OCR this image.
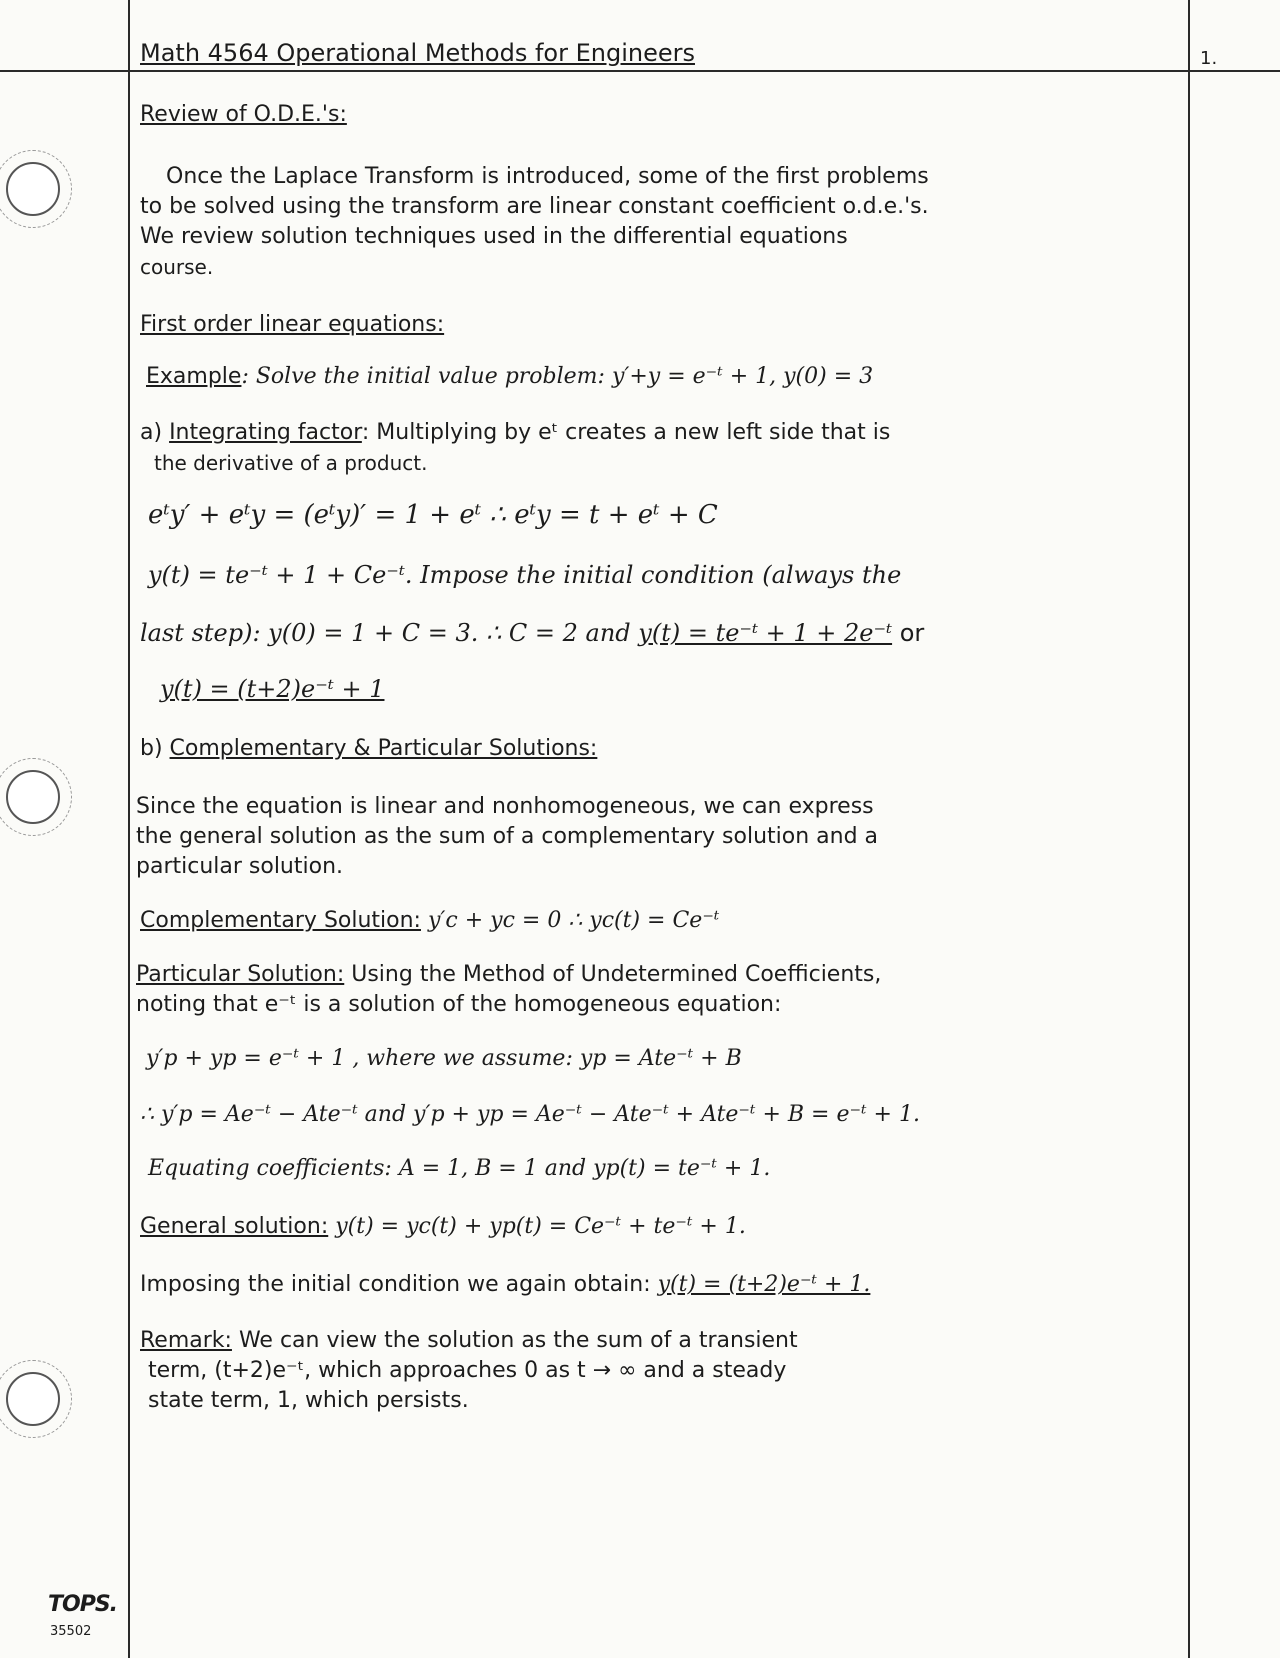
Math 4564 Operational Methods for Engineers	1.
Review of O.D.E.'s:
Once the Laplace Transform is introduced, some of the first problems
to be solved using the transform are linear constant coefficient o.d.e.'s.
We review solution techniques used in the differential equations
course.
First order linear equations:
Example: Solve the initial value problem: y′+y = e⁻ᵗ + 1, y(0) = 3
a) Integrating factor: Multiplying by eᵗ creates a new left side that is
the derivative of a product.
eᵗy′ + eᵗy = (eᵗy)′ = 1 + eᵗ ∴ eᵗy = t + eᵗ + C
y(t) = te⁻ᵗ + 1 + Ce⁻ᵗ. Impose the initial condition (always the
last step): y(0) = 1 + C = 3. ∴ C = 2 and y(t) = te⁻ᵗ + 1 + 2e⁻ᵗ or
y(t) = (t+2)e⁻ᵗ + 1
b) Complementary & Particular Solutions:
Since the equation is linear and nonhomogeneous, we can express
the general solution as the sum of a complementary solution and a
particular solution.
Complementary Solution: y′c + yc = 0 ∴ yc(t) = Ce⁻ᵗ
Particular Solution: Using the Method of Undetermined Coefficients,
noting that e⁻ᵗ is a solution of the homogeneous equation:
y′p + yp = e⁻ᵗ + 1 , where we assume: yp = Ate⁻ᵗ + B
∴ y′p = Ae⁻ᵗ − Ate⁻ᵗ and y′p + yp = Ae⁻ᵗ − Ate⁻ᵗ + Ate⁻ᵗ + B = e⁻ᵗ + 1.
Equating coefficients: A = 1, B = 1 and yp(t) = te⁻ᵗ + 1.
General solution: y(t) = yc(t) + yp(t) = Ce⁻ᵗ + te⁻ᵗ + 1.
Imposing the initial condition we again obtain: y(t) = (t+2)e⁻ᵗ + 1.
Remark: We can view the solution as the sum of a transient
term, (t+2)e⁻ᵗ, which approaches 0 as t → ∞ and a steady
state term, 1, which persists.
TOPS.
35502
